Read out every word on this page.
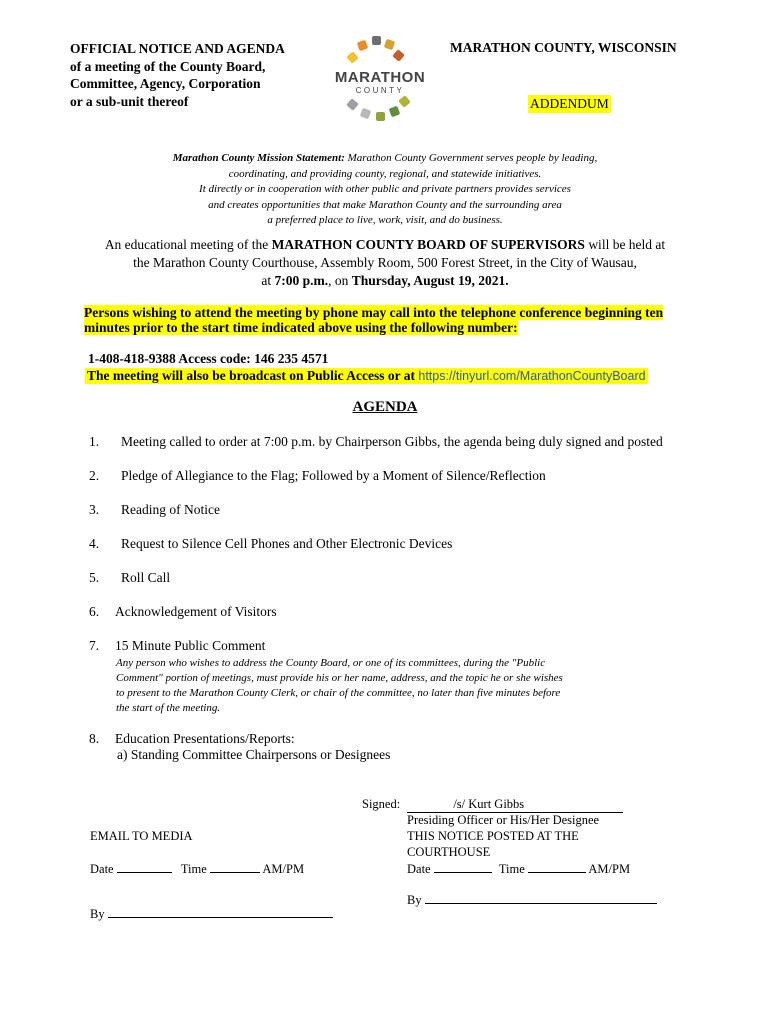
OFFICIAL NOTICE AND AGENDA
of a meeting of the County Board,
Committee, Agency, Corporation
or a sub-unit thereof
MARATHON
COUNTY
MARATHON COUNTY, WISCONSIN
ADDENDUM
Marathon County Mission Statement: Marathon County Government serves people by leading,
coordinating, and providing county, regional, and statewide initiatives.
It directly or in cooperation with other public and private partners provides services
and creates opportunities that make Marathon County and the surrounding area
a preferred place to live, work, visit, and do business.
An educational meeting of the MARATHON COUNTY BOARD OF SUPERVISORS will be held at
the Marathon County Courthouse, Assembly Room, 500 Forest Street, in the City of Wausau,
at 7:00 p.m., on Thursday, August 19, 2021.
Persons wishing to attend the meeting by phone may call into the telephone conference beginning ten
minutes prior to the start time indicated above using the following number:
1-408-418-9388 Access code: 146 235 4571
The meeting will also be broadcast on Public Access or at https://tinyurl.com/MarathonCountyBoard
AGENDA
1. Meeting called to order at 7:00 p.m. by Chairperson Gibbs, the agenda being duly signed and posted
2. Pledge of Allegiance to the Flag; Followed by a Moment of Silence/Reflection
3. Reading of Notice
4. Request to Silence Cell Phones and Other Electronic Devices
5. Roll Call
6. Acknowledgement of Visitors
7. 15 Minute Public Comment
Any person who wishes to address the County Board, or one of its committees, during the "Public
Comment" portion of meetings, must provide his or her name, address, and the topic he or she wishes
to present to the Marathon County Clerk, or chair of the committee, no later than five minutes before
the start of the meeting.
8. Education Presentations/Reports:
a) Standing Committee Chairpersons or Designees
Signed:	/s/ Kurt Gibbs
Presiding Officer or His/Her Designee
THIS NOTICE POSTED AT THE
COURTHOUSE
EMAIL TO MEDIA
Date	Time	AM/PM	Date	Time	AM/PM
By
By
